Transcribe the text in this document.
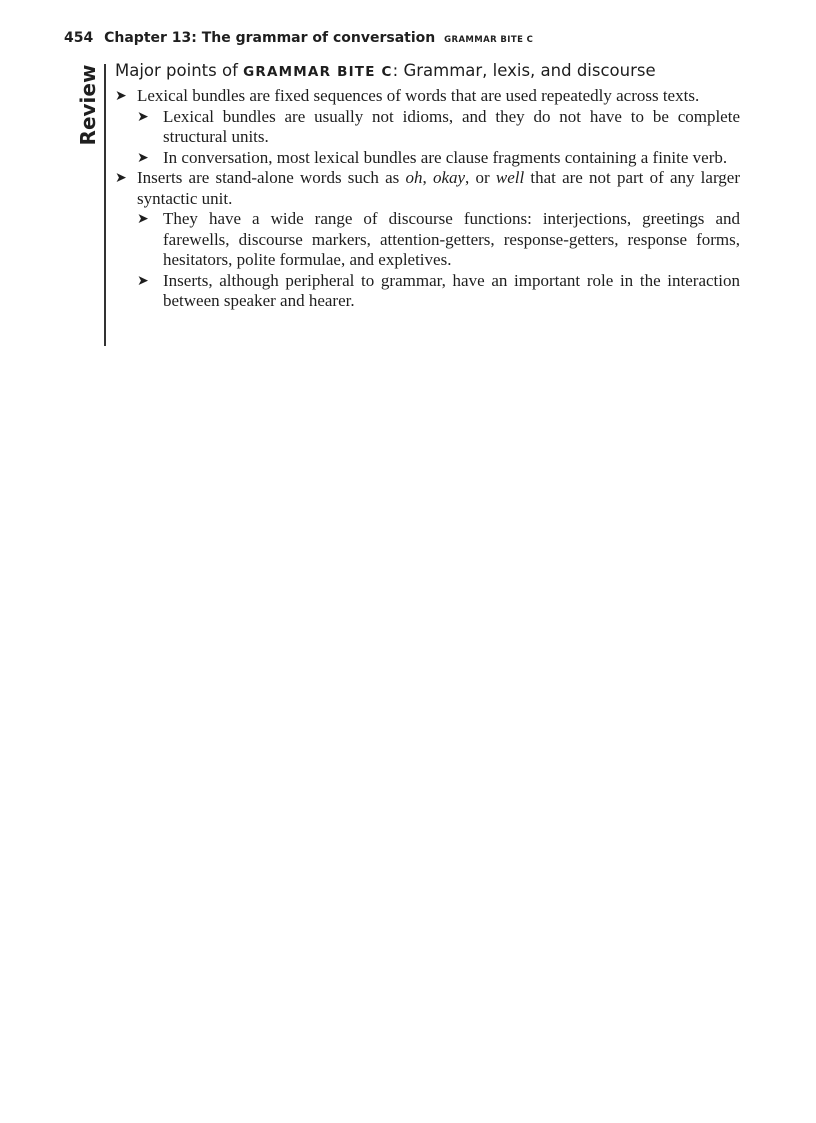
454 Chapter 13: The grammar of conversation GRAMMAR BITE C
Review Major points of GRAMMAR BITE C: Grammar, lexis, and discourse
➤ Lexical bundles are fixed sequences of words that are used repeatedly across texts.
➤ Lexical bundles are usually not idioms, and they do not have to be complete structural units.
➤ In conversation, most lexical bundles are clause fragments containing a finite verb.
➤ Inserts are stand-alone words such as oh, okay, or well that are not part of any larger syntactic unit.
➤ They have a wide range of discourse functions: interjections, greetings and farewells, discourse markers, attention-getters, response-getters, response forms, hesitators, polite formulae, and expletives.
➤ Inserts, although peripheral to grammar, have an important role in the interaction between speaker and hearer.
